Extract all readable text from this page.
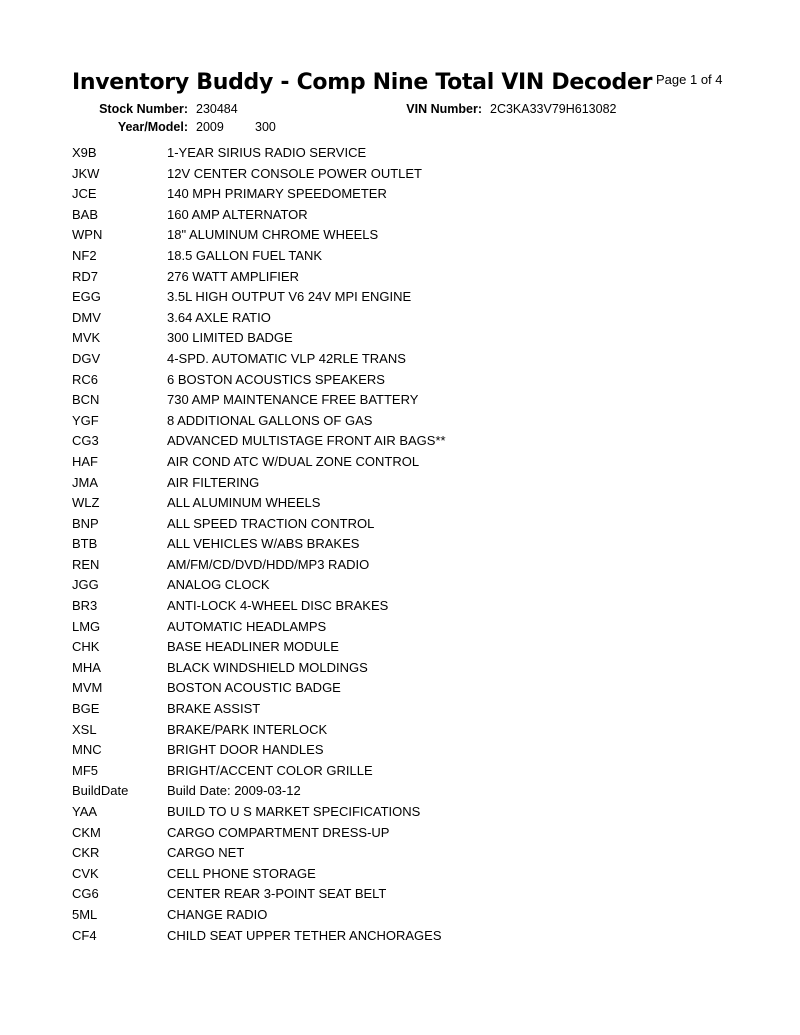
Inventory Buddy - Comp Nine Total VIN Decoder Page 1 of 4
Stock Number: 230484	VIN Number: 2C3KA33V79H613082
Year/Model: 2009 300
X9B	1-YEAR SIRIUS RADIO SERVICE
JKW	12V CENTER CONSOLE POWER OUTLET
JCE	140 MPH PRIMARY SPEEDOMETER
BAB	160 AMP ALTERNATOR
WPN	18" ALUMINUM CHROME WHEELS
NF2	18.5 GALLON FUEL TANK
RD7	276 WATT AMPLIFIER
EGG	3.5L HIGH OUTPUT V6 24V MPI ENGINE
DMV	3.64 AXLE RATIO
MVK	300 LIMITED BADGE
DGV	4-SPD. AUTOMATIC VLP 42RLE TRANS
RC6	6 BOSTON ACOUSTICS SPEAKERS
BCN	730 AMP MAINTENANCE FREE BATTERY
YGF	8 ADDITIONAL GALLONS OF GAS
CG3	ADVANCED MULTISTAGE FRONT AIR BAGS**
HAF	AIR COND ATC W/DUAL ZONE CONTROL
JMA	AIR FILTERING
WLZ	ALL ALUMINUM WHEELS
BNP	ALL SPEED TRACTION CONTROL
BTB	ALL VEHICLES W/ABS BRAKES
REN	AM/FM/CD/DVD/HDD/MP3 RADIO
JGG	ANALOG CLOCK
BR3	ANTI-LOCK 4-WHEEL DISC BRAKES
LMG	AUTOMATIC HEADLAMPS
CHK	BASE HEADLINER MODULE
MHA	BLACK WINDSHIELD MOLDINGS
MVM	BOSTON ACOUSTIC BADGE
BGE	BRAKE ASSIST
XSL	BRAKE/PARK INTERLOCK
MNC	BRIGHT DOOR HANDLES
MF5	BRIGHT/ACCENT COLOR GRILLE
BuildDate	Build Date: 2009-03-12
YAA	BUILD TO U S MARKET SPECIFICATIONS
CKM	CARGO COMPARTMENT DRESS-UP
CKR	CARGO NET
CVK	CELL PHONE STORAGE
CG6	CENTER REAR 3-POINT SEAT BELT
5ML	CHANGE RADIO
CF4	CHILD SEAT UPPER TETHER ANCHORAGES
